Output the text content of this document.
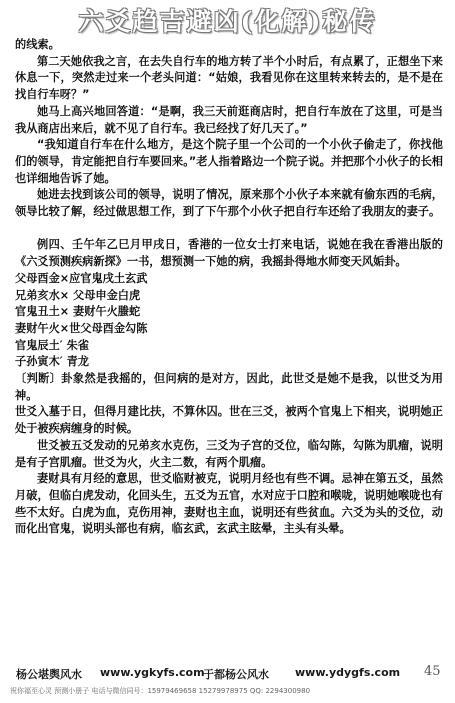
六爻趋吉避凶(化解)秘传

的线索。

第二天她依我之言，在去失自行车的地方转了半个小时后，有点累了，正想坐下来休息一下，突然走过来一个老头问道：“姑娘，我看见你在这里转来转去的，是不是在找自行车呀？”

她马上高兴地回答道：“是啊，我三天前逛商店时，把自行车放在了这里，可是当我从商店出来后，就不见了自行车。我已经找了好几天了。”

“我知道自行车在什么地方，是这个院子里一个公司的一个小伙子偷走了，你找他们的领导，肯定能把自行车要回来。”老人指着路边一个院子说。并把那个小伙子的长相也详细地告诉了她。

她进去找到该公司的领导，说明了情况，原来那个小伙子本来就有偷东西的毛病，领导比较了解，经过做思想工作，到了下午那个小伙子把自行车还给了我朋友的妻子。

例四、壬午年乙巳月甲戌日，香港的一位女士打来电话，说她在我在香港出版的《六爻预测疾病新探》一书，想预测一下她的病，我摇卦得地水师变天风姤卦。

父母酉金×应官鬼戌土玄武

兄弟亥水× 父母申金白虎

官鬼丑土× 妻财午火螣蛇

妻财午火×世父母酉金勾陈

官鬼辰土′ 朱雀

子孙寅木′ 青龙

〔判断〕卦象然是我摇的，但问病的是对方，因此，此世爻是她不是我，以世爻为用神。

世爻入墓于日，但得月建比扶，不算休囚。世在三爻，被两个官鬼上下相夹，说明她正处于被疾病缠身的时候。

世爻被五爻发动的兄弟亥水克伤，三爻为子宫的爻位，临勾陈，勾陈为肌瘤，说明是有子宫肌瘤。世爻为火，火主二数，有两个肌瘤。

妻财具有月经的意思，世爻临财被克，说明月经也有些不调。忌神在第五爻，虽然月破，但临白虎发动，化回头生，五爻为五官，水对应于口腔和喉咙，说明她喉咙也有些不太好。白虎为血，克伤用神，妻财也主血，说明还有些贫血。六爻为头的爻位，动而化出官鬼，说明头部也有病，临玄武，玄武主眩晕，主头有头晕。

杨公堪舆风水 www.ygkyfs.com
于都杨公风水 www.ydygfs.com 45
祝你福至心灵 预测小册子 电话与微信同号：15979469658 15279978975 QQ: 2294300980
